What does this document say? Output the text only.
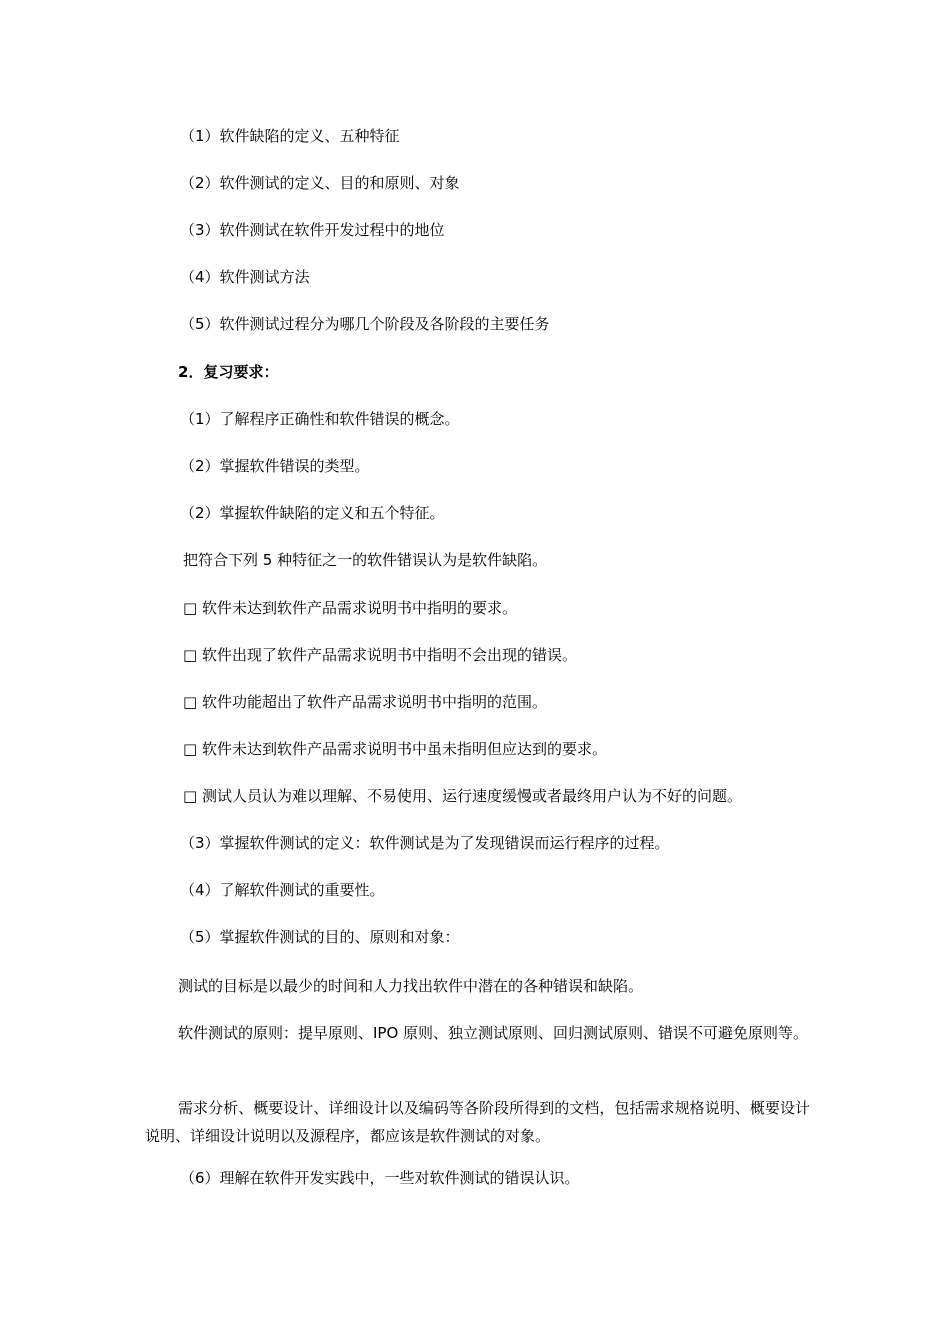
（1）软件缺陷的定义、五种特征
（2）软件测试的定义、目的和原则、对象
（3）软件测试在软件开发过程中的地位
（4）软件测试方法
（5）软件测试过程分为哪几个阶段及各阶段的主要任务
2．复习要求：
（1）了解程序正确性和软件错误的概念。
（2）掌握软件错误的类型。
（2）掌握软件缺陷的定义和五个特征。
把符合下列 5 种特征之一的软件错误认为是软件缺陷。
□ 软件未达到软件产品需求说明书中指明的要求。
□ 软件出现了软件产品需求说明书中指明不会出现的错误。
□ 软件功能超出了软件产品需求说明书中指明的范围。
□ 软件未达到软件产品需求说明书中虽未指明但应达到的要求。
□ 测试人员认为难以理解、不易使用、运行速度缓慢或者最终用户认为不好的问题。
（3）掌握软件测试的定义：软件测试是为了发现错误而运行程序的过程。
（4）了解软件测试的重要性。
（5）掌握软件测试的目的、原则和对象：
测试的目标是以最少的时间和人力找出软件中潜在的各种错误和缺陷。
软件测试的原则：提早原则、IPO 原则、独立测试原则、回归测试原则、错误不可避免原则等。
需求分析、概要设计、详细设计以及编码等各阶段所得到的文档，包括需求规格说明、概要设计说明、详细设计说明以及源程序，都应该是软件测试的对象。
（6）理解在软件开发实践中，一些对软件测试的错误认识。
